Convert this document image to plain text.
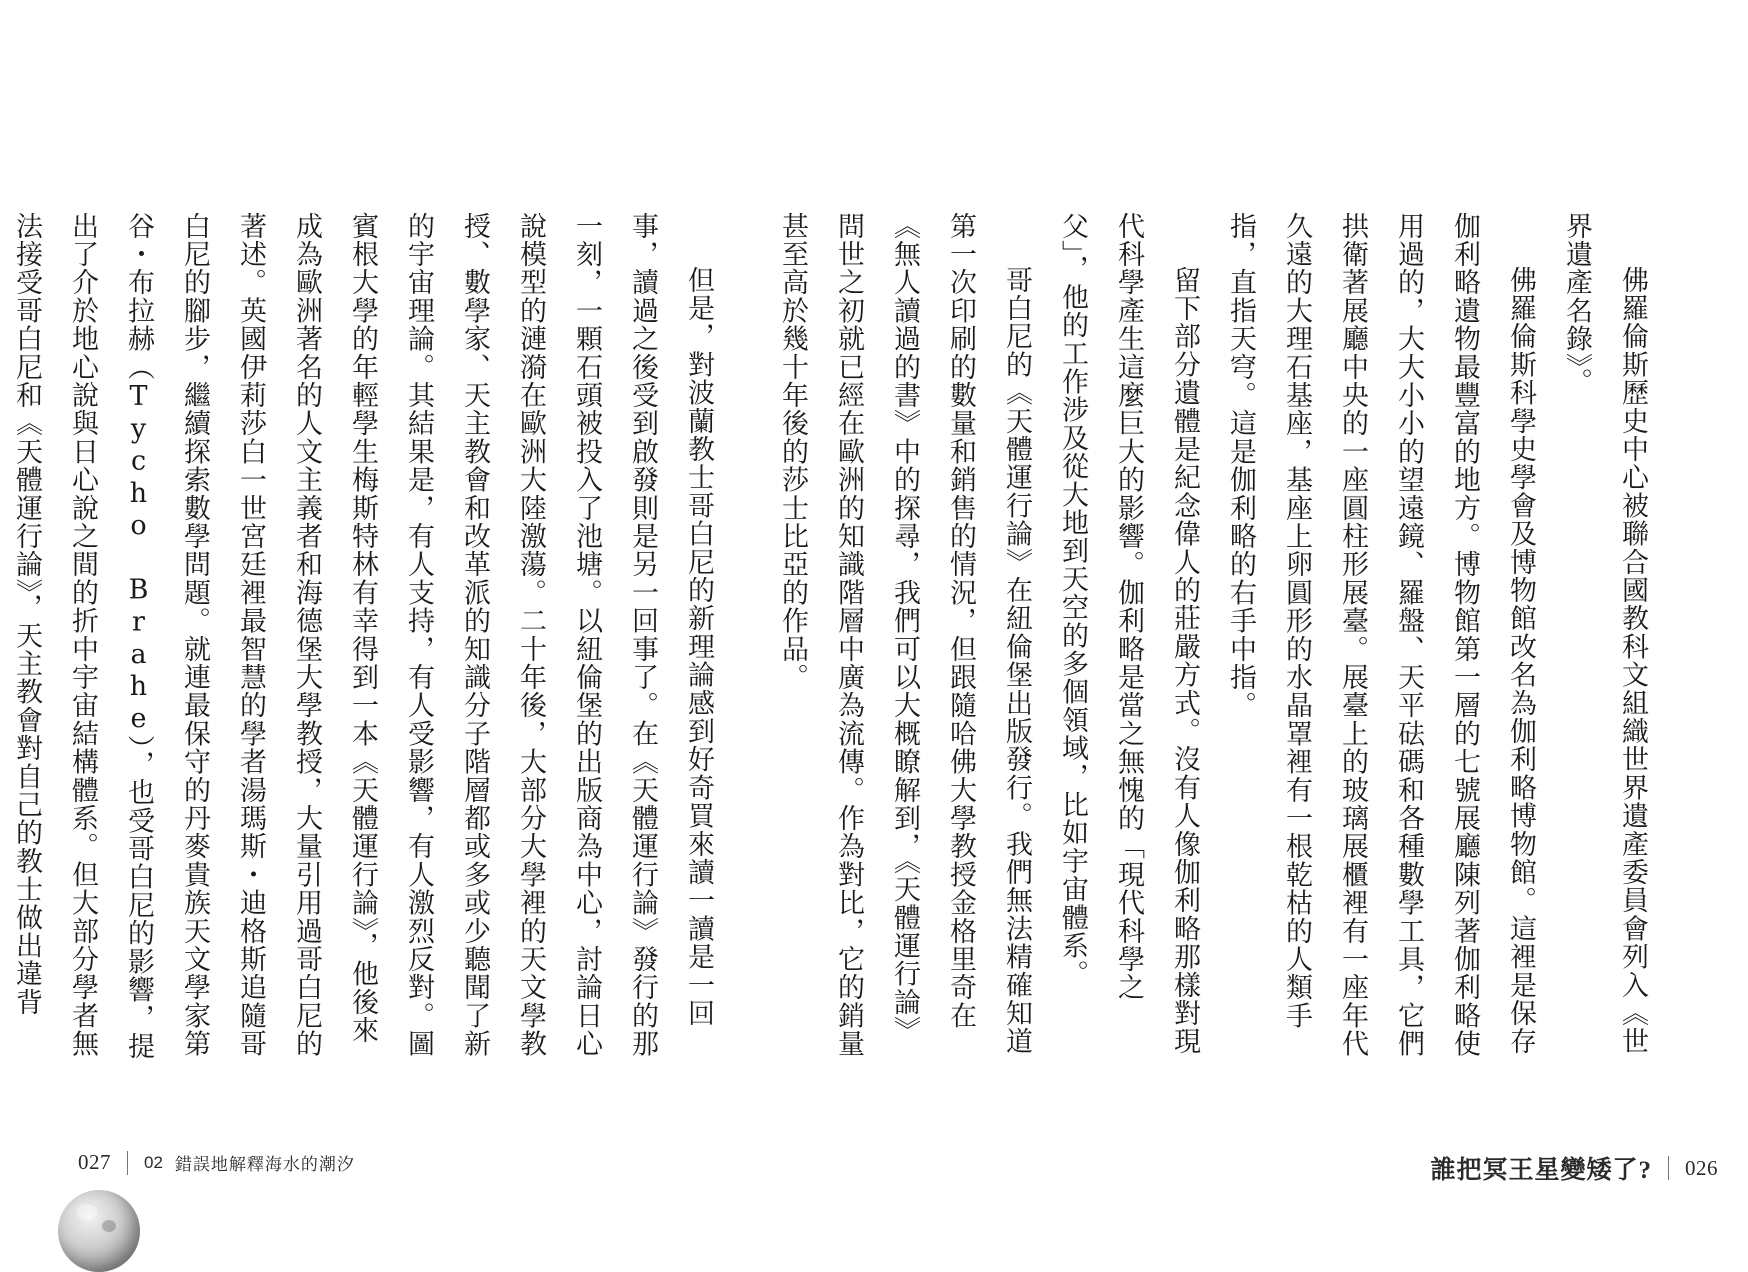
但是，對波蘭教士哥白尼的新理論感到好奇買來讀一讀是一回事，讀過之後受到啟發則是另一回事了。在《天體運行論》發行的那一刻，一顆石頭被投入了池塘。以紐倫堡的出版商為中心，討論日心說模型的漣漪在歐洲大陸激蕩。二十年後，大部分大學裡的天文學教授、數學家、天主教會和改革派的知識分子階層都或多或少聽聞了新的宇宙理論。其結果是，有人支持，有人受影響，有人激烈反對。圖賓根大學的年輕學生梅斯特林有幸得到一本《天體運行論》，他後來成為歐洲著名的人文主義者和海德堡大學教授，大量引用過哥白尼的著述。英國伊莉莎白一世宮廷裡最智慧的學者湯瑪斯・迪格斯追隨哥白尼的腳步，繼續探索數學問題。就連最保守的丹麥貴族天文學家第谷・布拉赫（Tycho Brahe），也受哥白尼的影響，提出了介於地心說與日心說之間的折中宇宙結構體系。但大部分學者無法接受哥白尼和《天體運行論》，天主教會對自己的教士做出違背

027 02 錯誤地解釋海水的潮汐

佛羅倫斯歷史中心被聯合國教科文組織世界遺產委員會列入《世界遺產名錄》。

佛羅倫斯科學史學會及博物館改名為伽利略博物館。這裡是保存伽利略遺物最豐富的地方。博物館第一層的七號展廳陳列著伽利略使用過的，大大小小的望遠鏡、羅盤、天平砝碼和各種數學工具，它們拱衛著展廳中央的一座圓柱形展臺。展臺上的玻璃展櫃裡有一座年代久遠的大理石基座，基座上卵圓形的水晶罩裡有一根乾枯的人類手指，直指天穹。這是伽利略的右手中指。

留下部分遺體是紀念偉人的莊嚴方式。沒有人像伽利略那樣對現代科學產生這麼巨大的影響。伽利略是當之無愧的「現代科學之父」，他的工作涉及從大地到天空的多個領域，比如宇宙體系。

哥白尼的《天體運行論》在紐倫堡出版發行。我們無法精確知道第一次印刷的數量和銷售的情況，但跟隨哈佛大學教授金格里奇在《無人讀過的書》中的探尋，我們可以大概瞭解到，《天體運行論》問世之初就已經在歐洲的知識階層中廣為流傳。作為對比，它的銷量甚至高於幾十年後的莎士比亞的作品。

誰把冥王星變矮了? 026
